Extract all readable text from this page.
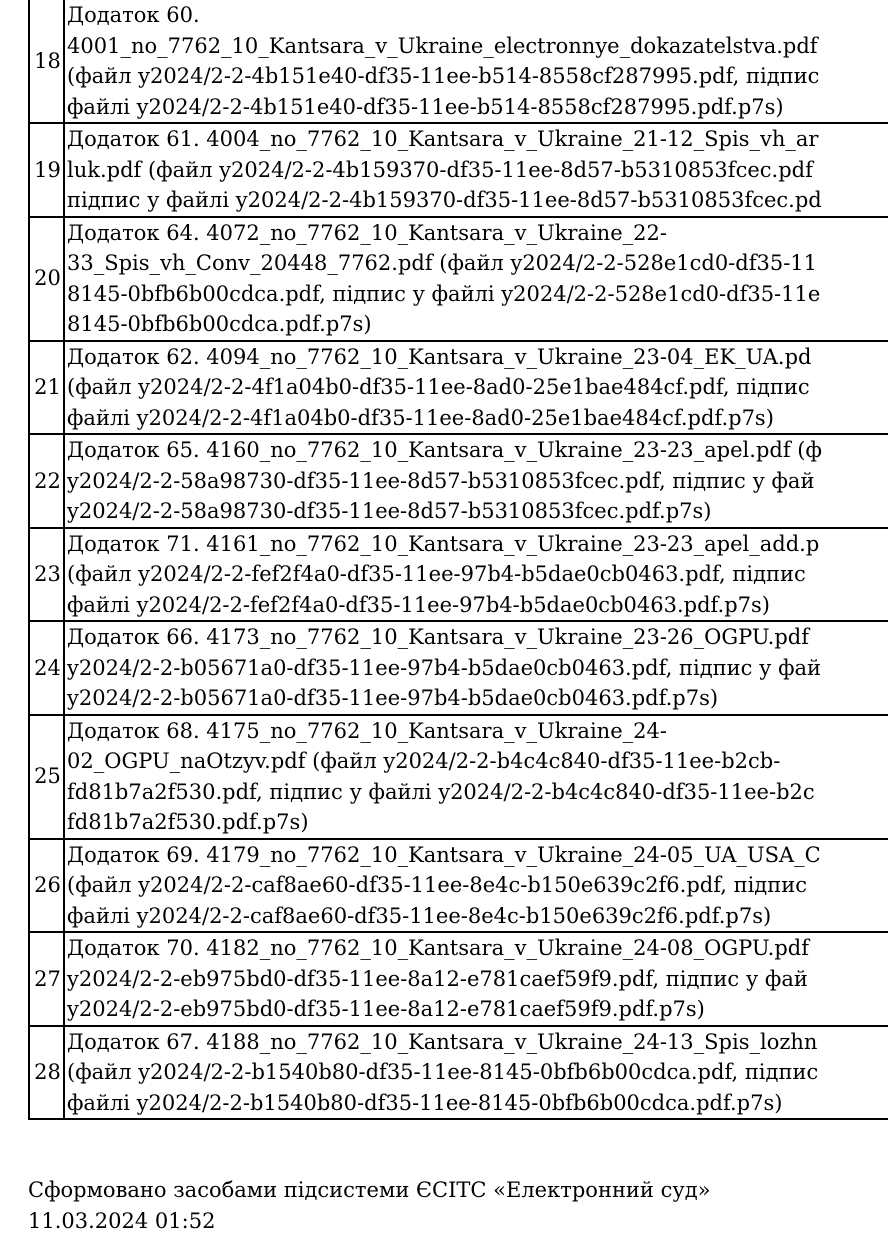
18	Додаток 60.
4001_no_7762_10_Kantsara_v_Ukraine_electronnye_dokazatelstva.pdf
(файл y2024/2-2-4b151e40-df35-11ee-b514-8558cf287995.pdf, підпис
файлі y2024/2-2-4b151e40-df35-11ee-b514-8558cf287995.pdf.p7s)

19	Додаток 61. 4004_no_7762_10_Kantsara_v_Ukraine_21-12_Spis_vh_ar
luk.pdf (файл y2024/2-2-4b159370-df35-11ee-8d57-b5310853fcec.pdf
підпис у файлі y2024/2-2-4b159370-df35-11ee-8d57-b5310853fcec.pd

20	Додаток 64. 4072_no_7762_10_Kantsara_v_Ukraine_22-
33_Spis_vh_Conv_20448_7762.pdf (файл y2024/2-2-528e1cd0-df35-11
8145-0bfb6b00cdca.pdf, підпис у файлі y2024/2-2-528e1cd0-df35-11e
8145-0bfb6b00cdca.pdf.p7s)

21	Додаток 62. 4094_no_7762_10_Kantsara_v_Ukraine_23-04_EK_UA.pd
(файл y2024/2-2-4f1a04b0-df35-11ee-8ad0-25e1bae484cf.pdf, підпис
файлі y2024/2-2-4f1a04b0-df35-11ee-8ad0-25e1bae484cf.pdf.p7s)

22	Додаток 65. 4160_no_7762_10_Kantsara_v_Ukraine_23-23_apel.pdf (ф
y2024/2-2-58a98730-df35-11ee-8d57-b5310853fcec.pdf, підпис у фай
y2024/2-2-58a98730-df35-11ee-8d57-b5310853fcec.pdf.p7s)

23	Додаток 71. 4161_no_7762_10_Kantsara_v_Ukraine_23-23_apel_add.p
(файл y2024/2-2-fef2f4a0-df35-11ee-97b4-b5dae0cb0463.pdf, підпис
файлі y2024/2-2-fef2f4a0-df35-11ee-97b4-b5dae0cb0463.pdf.p7s)

24	Додаток 66. 4173_no_7762_10_Kantsara_v_Ukraine_23-26_OGPU.pdf
y2024/2-2-b05671a0-df35-11ee-97b4-b5dae0cb0463.pdf, підпис у фай
y2024/2-2-b05671a0-df35-11ee-97b4-b5dae0cb0463.pdf.p7s)

25	Додаток 68. 4175_no_7762_10_Kantsara_v_Ukraine_24-
02_OGPU_naOtzyv.pdf (файл y2024/2-2-b4c4c840-df35-11ee-b2cb-
fd81b7a2f530.pdf, підпис у файлі y2024/2-2-b4c4c840-df35-11ee-b2c
fd81b7a2f530.pdf.p7s)

26	Додаток 69. 4179_no_7762_10_Kantsara_v_Ukraine_24-05_UA_USA_C
(файл y2024/2-2-caf8ae60-df35-11ee-8e4c-b150e639c2f6.pdf, підпис
файлі y2024/2-2-caf8ae60-df35-11ee-8e4c-b150e639c2f6.pdf.p7s)

27	Додаток 70. 4182_no_7762_10_Kantsara_v_Ukraine_24-08_OGPU.pdf
y2024/2-2-eb975bd0-df35-11ee-8a12-e781caef59f9.pdf, підпис у фай
y2024/2-2-eb975bd0-df35-11ee-8a12-e781caef59f9.pdf.p7s)

28	Додаток 67. 4188_no_7762_10_Kantsara_v_Ukraine_24-13_Spis_lozhn
(файл y2024/2-2-b1540b80-df35-11ee-8145-0bfb6b00cdca.pdf, підпис
файлі y2024/2-2-b1540b80-df35-11ee-8145-0bfb6b00cdca.pdf.p7s)
Сформовано засобами підсистеми ЄСІТС «Електронний суд»
11.03.2024 01:52
